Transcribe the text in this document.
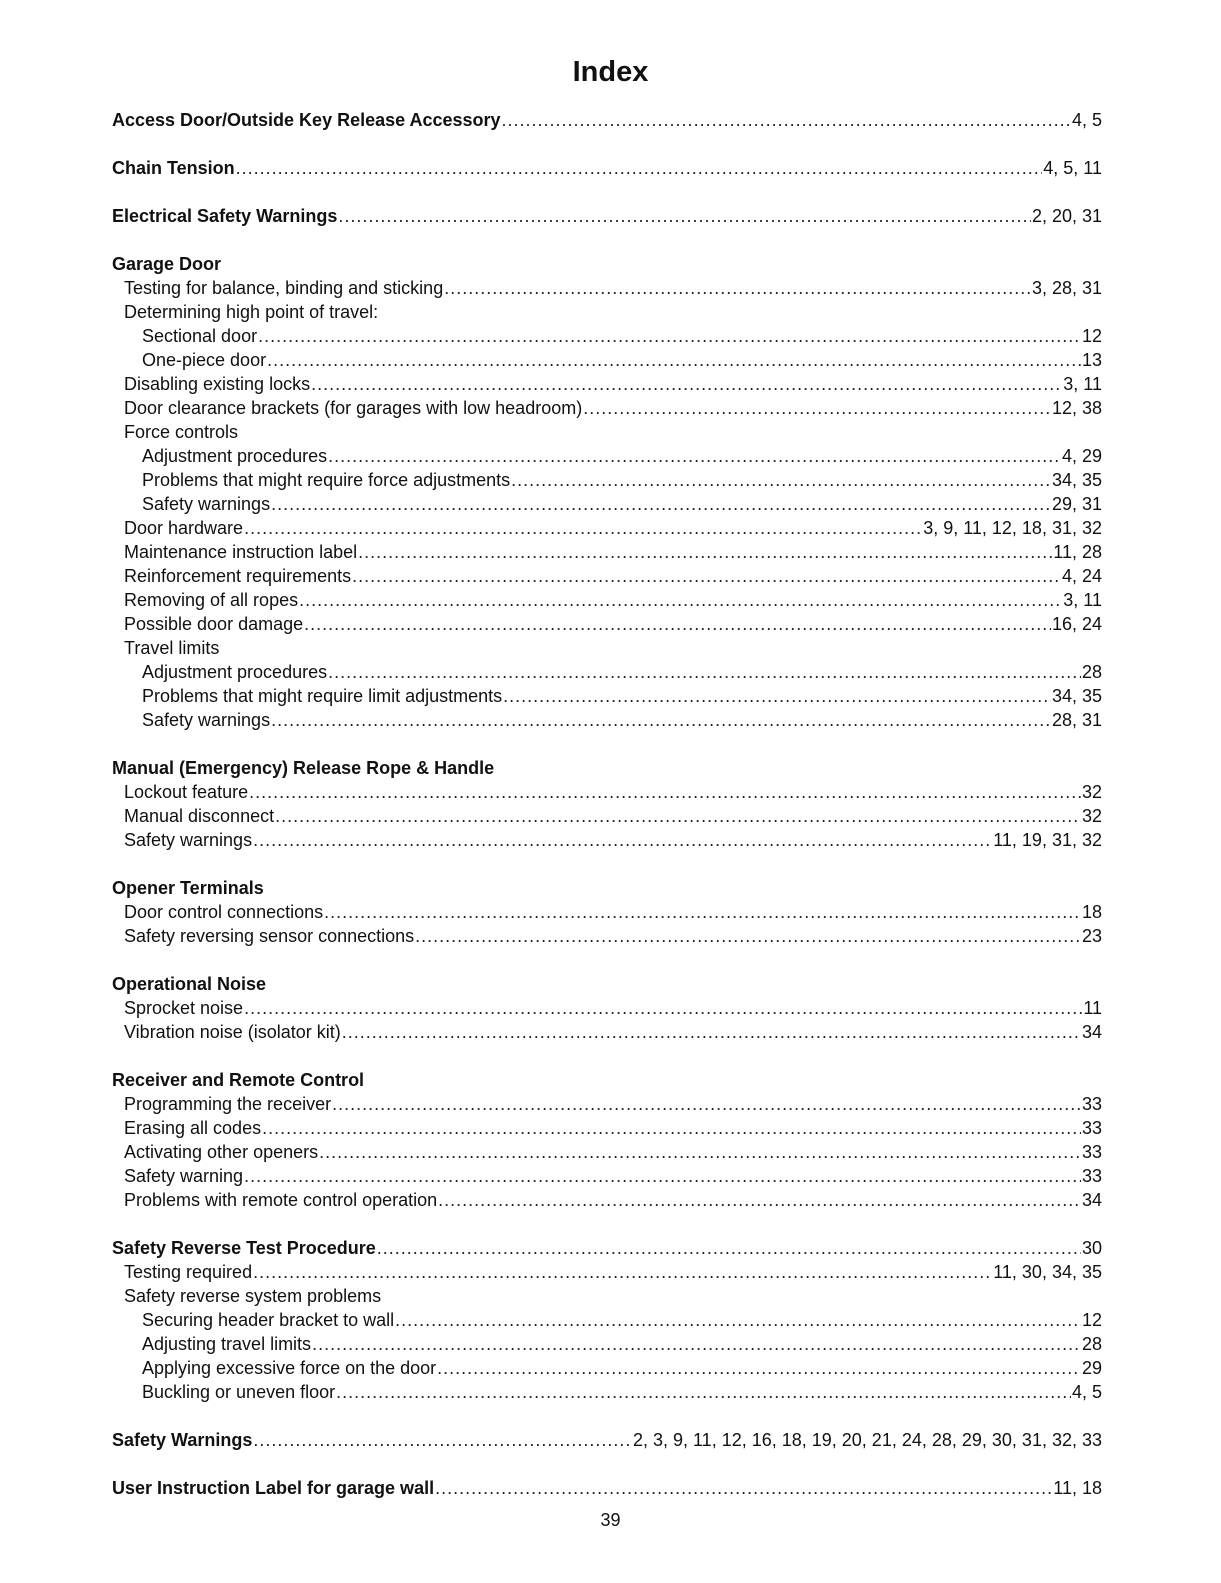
Index
Access Door/Outside Key Release Accessory .....	4, 5
Chain Tension .....	4, 5, 11
Electrical Safety Warnings .....	2, 20, 31
Garage Door
Testing for balance, binding and sticking .....	3, 28, 31
Determining high point of travel:
Sectional door .....	12
One-piece door .....	13
Disabling existing locks .....	3, 11
Door clearance brackets (for garages with low headroom) .....	12, 38
Force controls
Adjustment procedures .....	4, 29
Problems that might require force adjustments .....	34, 35
Safety warnings .....	29, 31
Door hardware .....	3, 9, 11, 12, 18, 31, 32
Maintenance instruction label .....	11, 28
Reinforcement requirements .....	4, 24
Removing of all ropes .....	3, 11
Possible door damage .....	16, 24
Travel limits
Adjustment procedures .....	28
Problems that might require limit adjustments .....	34, 35
Safety warnings .....	28, 31
Manual (Emergency) Release Rope & Handle
Lockout feature .....	32
Manual disconnect .....	32
Safety warnings .....	11, 19, 31, 32
Opener Terminals
Door control connections .....	18
Safety reversing sensor connections .....	23
Operational Noise
Sprocket noise .....	11
Vibration noise (isolator kit) .....	34
Receiver and Remote Control
Programming the receiver .....	33
Erasing all codes .....	33
Activating other openers .....	33
Safety warning .....	33
Problems with remote control operation .....	34
Safety Reverse Test Procedure .....	30
Testing required .....	11, 30, 34, 35
Safety reverse system problems
Securing header bracket to wall .....	12
Adjusting travel limits .....	28
Applying excessive force on the door .....	29
Buckling or uneven floor .....	4, 5
Safety Warnings .....	2, 3, 9, 11, 12, 16, 18, 19, 20, 21, 24, 28, 29, 30, 31, 32, 33
User Instruction Label for garage wall .....	11, 18
39
